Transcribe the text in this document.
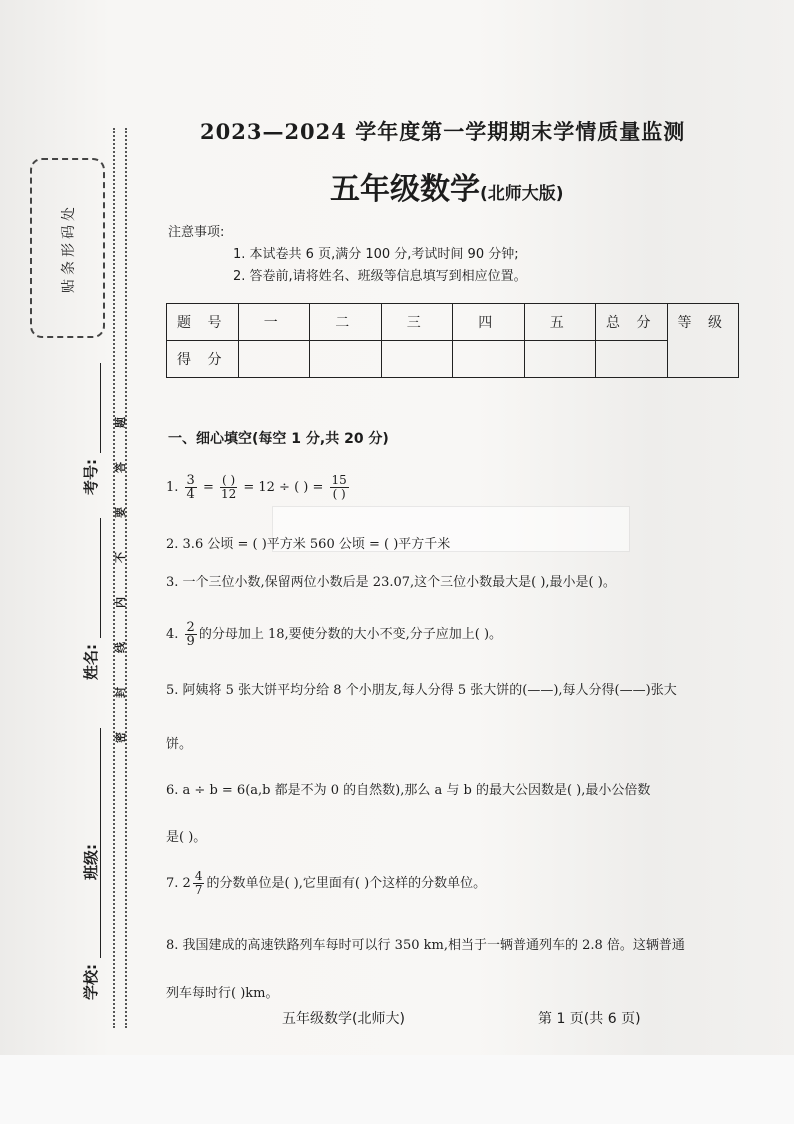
贴条形码处
考号:
姓名:
班级:
学校:
题
答
要
不
内
线
封
密
2023—2024 学年度第一学期期末学情质量监测
五年级数学(北师大版)
注意事项:
1. 本试卷共 6 页,满分 100 分,考试时间 90 分钟;
2. 答卷前,请将姓名、班级等信息填写到相应位置。
题 号	一	二	三	四	五	总 分	等 级
得 分							
一、细心填空(每空 1 分,共 20 分)
1. $\frac{3}{4} = \frac{( )}{12} = 12$ ÷ ( ) = $\frac{15}{( )}$
2. 3.6 公顷 = ( )平方米 560 公顷 = ( )平方千米
3. 一个三位小数,保留两位小数后是 23.07,这个三位小数最大是( ),最小是( )。
4. $\frac{2}{9}$ 的分母加上 18,要使分数的大小不变,分子应加上( )。
5. 阿姨将 5 张大饼平均分给 8 个小朋友,每人分得 5 张大饼的(——),每人分得(——)张大
饼。
6. a ÷ b = 6(a,b 都是不为 0 的自然数),那么 a 与 b 的最大公因数是( ),最小公倍数
是( )。
7. $2 \frac{4}{7}$ 的分数单位是( ),它里面有( )个这样的分数单位。
8. 我国建成的高速铁路列车每时可以行 350 km,相当于一辆普通列车的 2.8 倍。这辆普通
列车每时行( )km。
五年级数学(北师大)	第 1 页(共 6 页)
